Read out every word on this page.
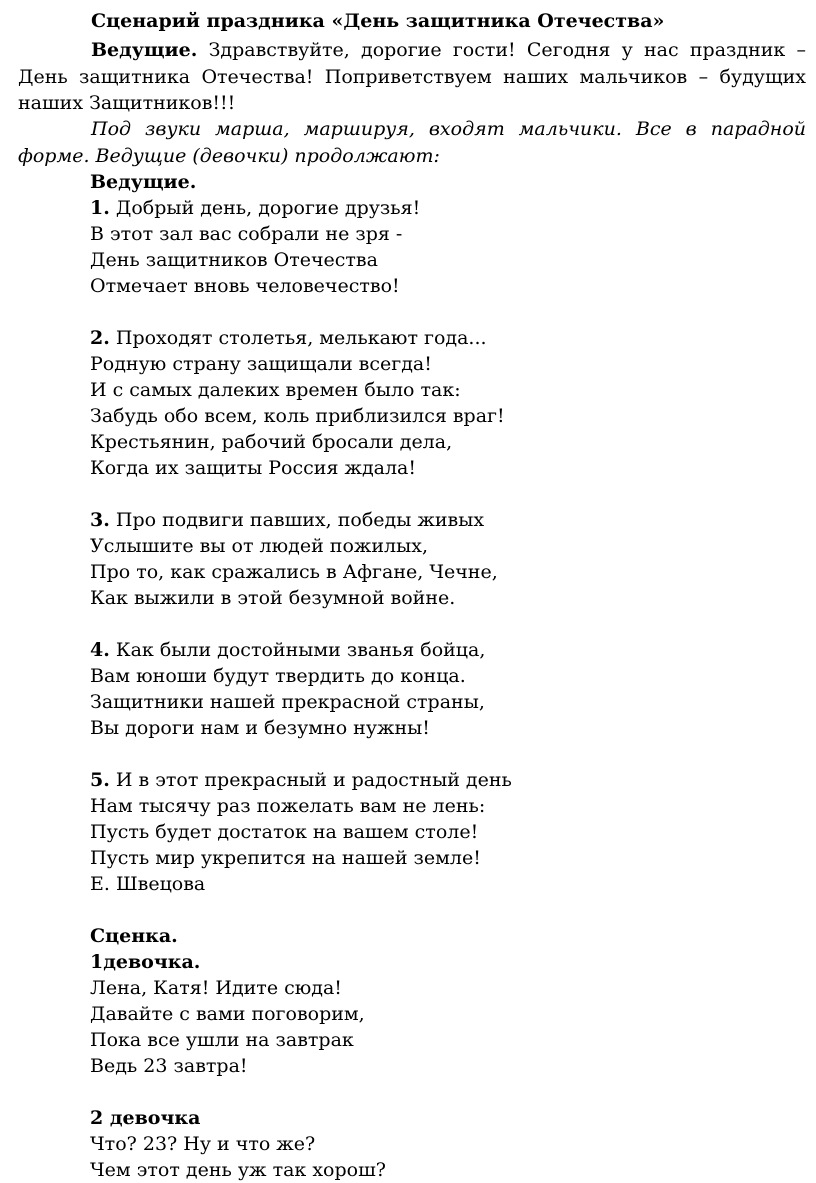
Сценарий праздника «День защитника Отечества»
Ведущие. Здравствуйте, дорогие гости! Сегодня у нас праздник – День защитника Отечества! Поприветствуем наших мальчиков – будущих наших Защитников!!!
Под звуки марша, маршируя, входят мальчики. Все в парадной форме. Ведущие (девочки) продолжают:
Ведущие.
1. Добрый день, дорогие друзья!
В этот зал вас собрали не зря -
День защитников Отечества
Отмечает вновь человечество!
2. Проходят столетья, мелькают года...
Родную страну защищали всегда!
И с самых далеких времен было так:
Забудь обо всем, коль приблизился враг!
Крестьянин, рабочий бросали дела,
Когда их защиты Россия ждала!
3. Про подвиги павших, победы живых
Услышите вы от людей пожилых,
Про то, как сражались в Афгане, Чечне,
Как выжили в этой безумной войне.
4. Как были достойными званья бойца,
Вам юноши будут твердить до конца.
Защитники нашей прекрасной страны,
Вы дороги нам и безумно нужны!
5. И в этот прекрасный и радостный день
Нам тысячу раз пожелать вам не лень:
Пусть будет достаток на вашем столе!
Пусть мир укрепится на нашей земле!
Е. Швецова
Сценка.
1девочка.
Лена, Катя! Идите сюда!
Давайте с вами поговорим,
Пока все ушли на завтрак
Ведь 23 завтра!
2 девочка
Что? 23? Ну и что же?
Чем этот день уж так хорош?
